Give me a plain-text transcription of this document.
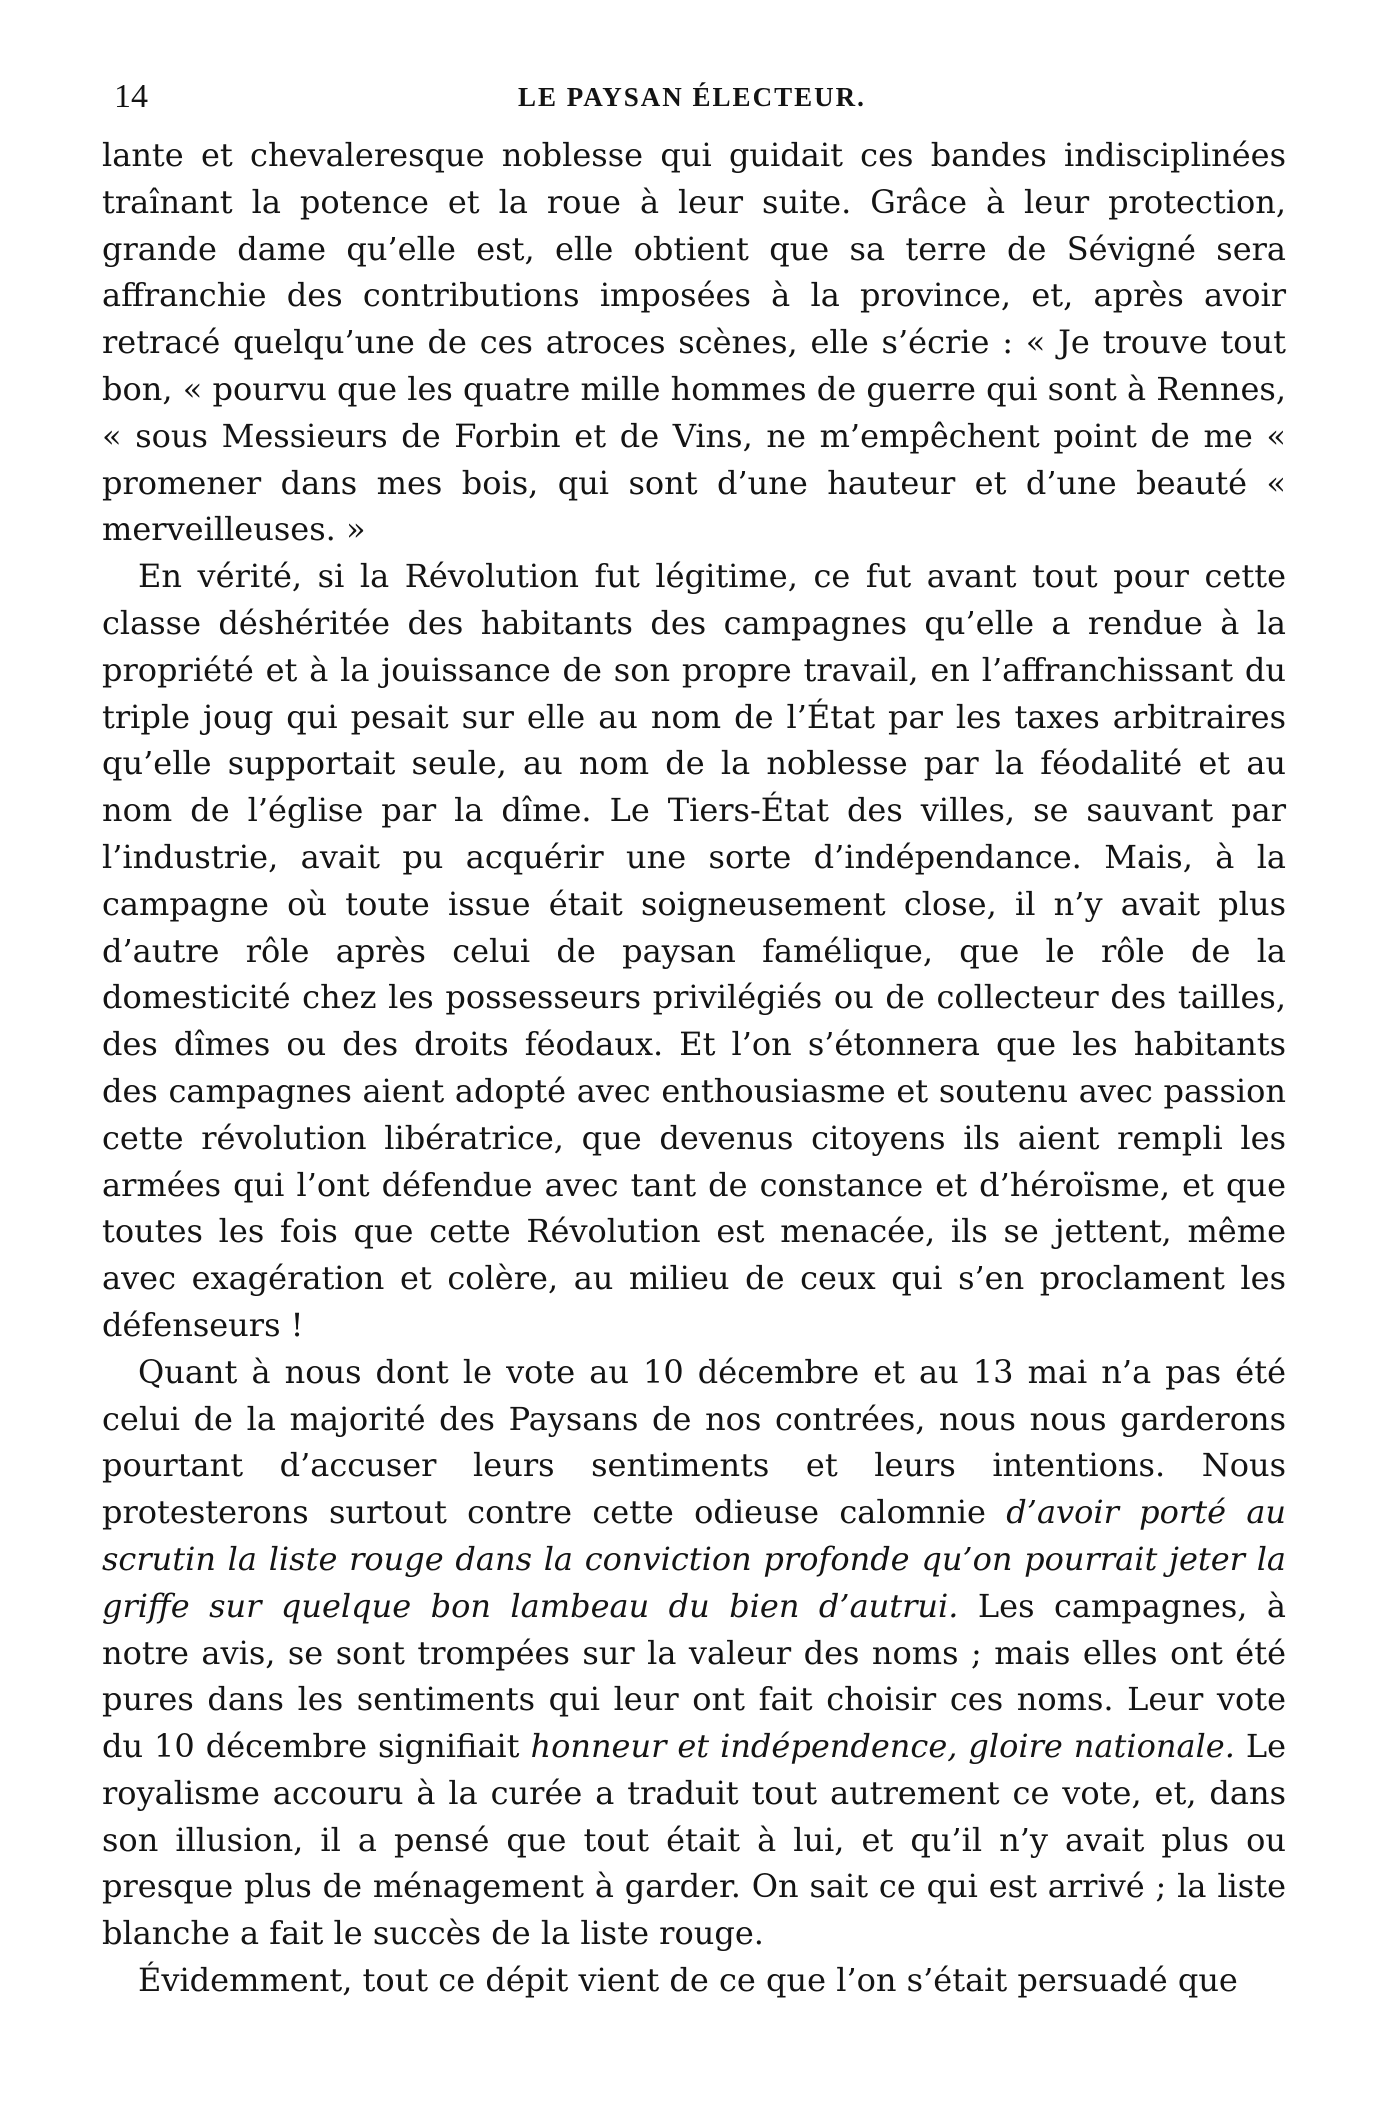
14	LE PAYSAN ÉLECTEUR.

lante et chevaleresque noblesse qui guidait ces bandes indisciplinées traînant la potence et la roue à leur suite. Grâce à leur protection, grande dame qu’elle est, elle obtient que sa terre de Sévigné sera affranchie des contributions imposées à la province, et, après avoir retracé quelqu’une de ces atroces scènes, elle s’écrie : « Je trouve tout bon, « pourvu que les quatre mille hommes de guerre qui sont à Rennes, « sous Messieurs de Forbin et de Vins, ne m’empêchent point de me « promener dans mes bois, qui sont d’une hauteur et d’une beauté « merveilleuses. »

En vérité, si la Révolution fut légitime, ce fut avant tout pour cette classe déshéritée des habitants des campagnes qu’elle a rendue à la propriété et à la jouissance de son propre travail, en l’affranchissant du triple joug qui pesait sur elle au nom de l’État par les taxes arbitraires qu’elle supportait seule, au nom de la noblesse par la féodalité et au nom de l’église par la dîme. Le Tiers-État des villes, se sauvant par l’industrie, avait pu acquérir une sorte d’indépendance. Mais, à la campagne où toute issue était soigneusement close, il n’y avait plus d’autre rôle après celui de paysan famélique, que le rôle de la domesticité chez les possesseurs privilégiés ou de collecteur des tailles, des dîmes ou des droits féodaux. Et l’on s’étonnera que les habitants des campagnes aient adopté avec enthousiasme et soutenu avec passion cette révolution libératrice, que devenus citoyens ils aient rempli les armées qui l’ont défendue avec tant de constance et d’héroïsme, et que toutes les fois que cette Révolution est menacée, ils se jettent, même avec exagération et colère, au milieu de ceux qui s’en proclament les défenseurs !

Quant à nous dont le vote au 10 décembre et au 13 mai n’a pas été celui de la majorité des Paysans de nos contrées, nous nous garderons pourtant d’accuser leurs sentiments et leurs intentions. Nous protesterons surtout contre cette odieuse calomnie d’avoir porté au scrutin la liste rouge dans la conviction profonde qu’on pourrait jeter la griffe sur quelque bon lambeau du bien d’autrui. Les campagnes, à notre avis, se sont trompées sur la valeur des noms ; mais elles ont été pures dans les sentiments qui leur ont fait choisir ces noms. Leur vote du 10 décembre signifiait honneur et indépendence, gloire nationale. Le royalisme accouru à la curée a traduit tout autrement ce vote, et, dans son illusion, il a pensé que tout était à lui, et qu’il n’y avait plus ou presque plus de ménagement à garder. On sait ce qui est arrivé ; la liste blanche a fait le succès de la liste rouge.

Évidemment, tout ce dépit vient de ce que l’on s’était persuadé que
